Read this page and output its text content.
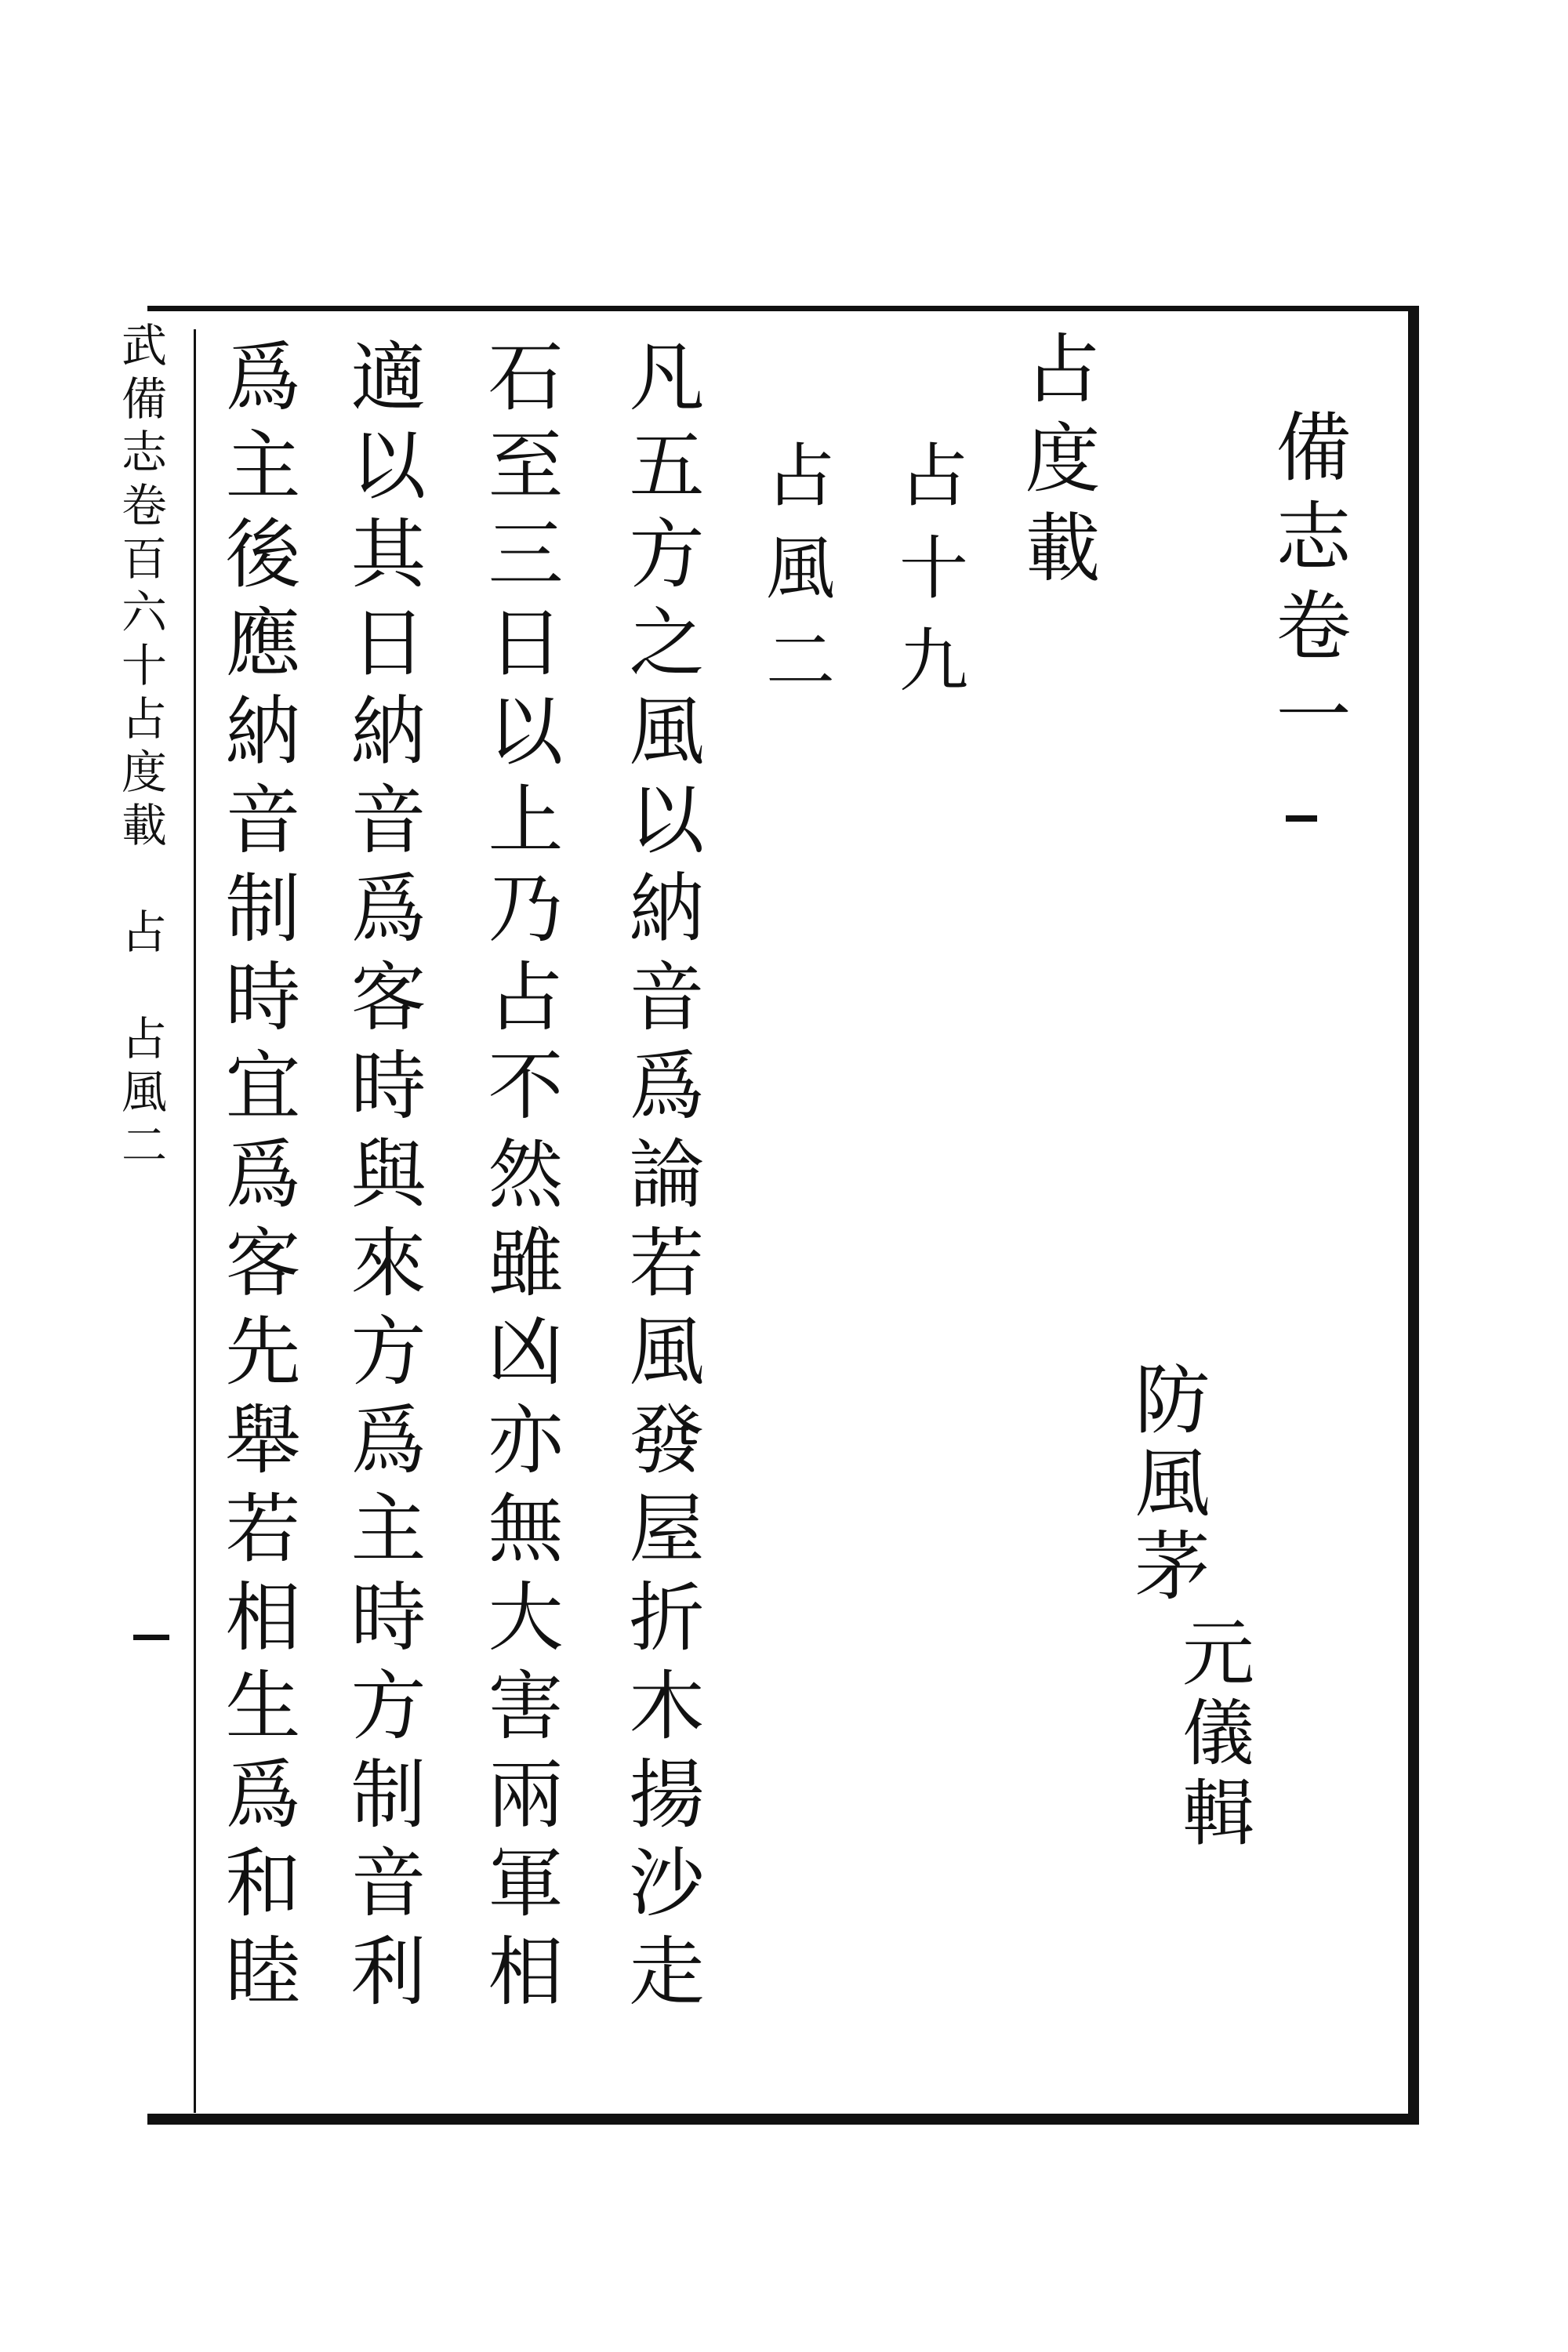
備志卷一
防風茅
元儀輯
占度載
占十九
占風二
凡五方之風以納音爲論若風發屋折木揚沙走
石至三日以上乃占不然雖凶亦無大害兩軍相
適以其日納音爲客時與來方爲主時方制音利
爲主後應納音制時宜爲客先舉若相生爲和睦
武備志卷百六十占度載　占　占風二
